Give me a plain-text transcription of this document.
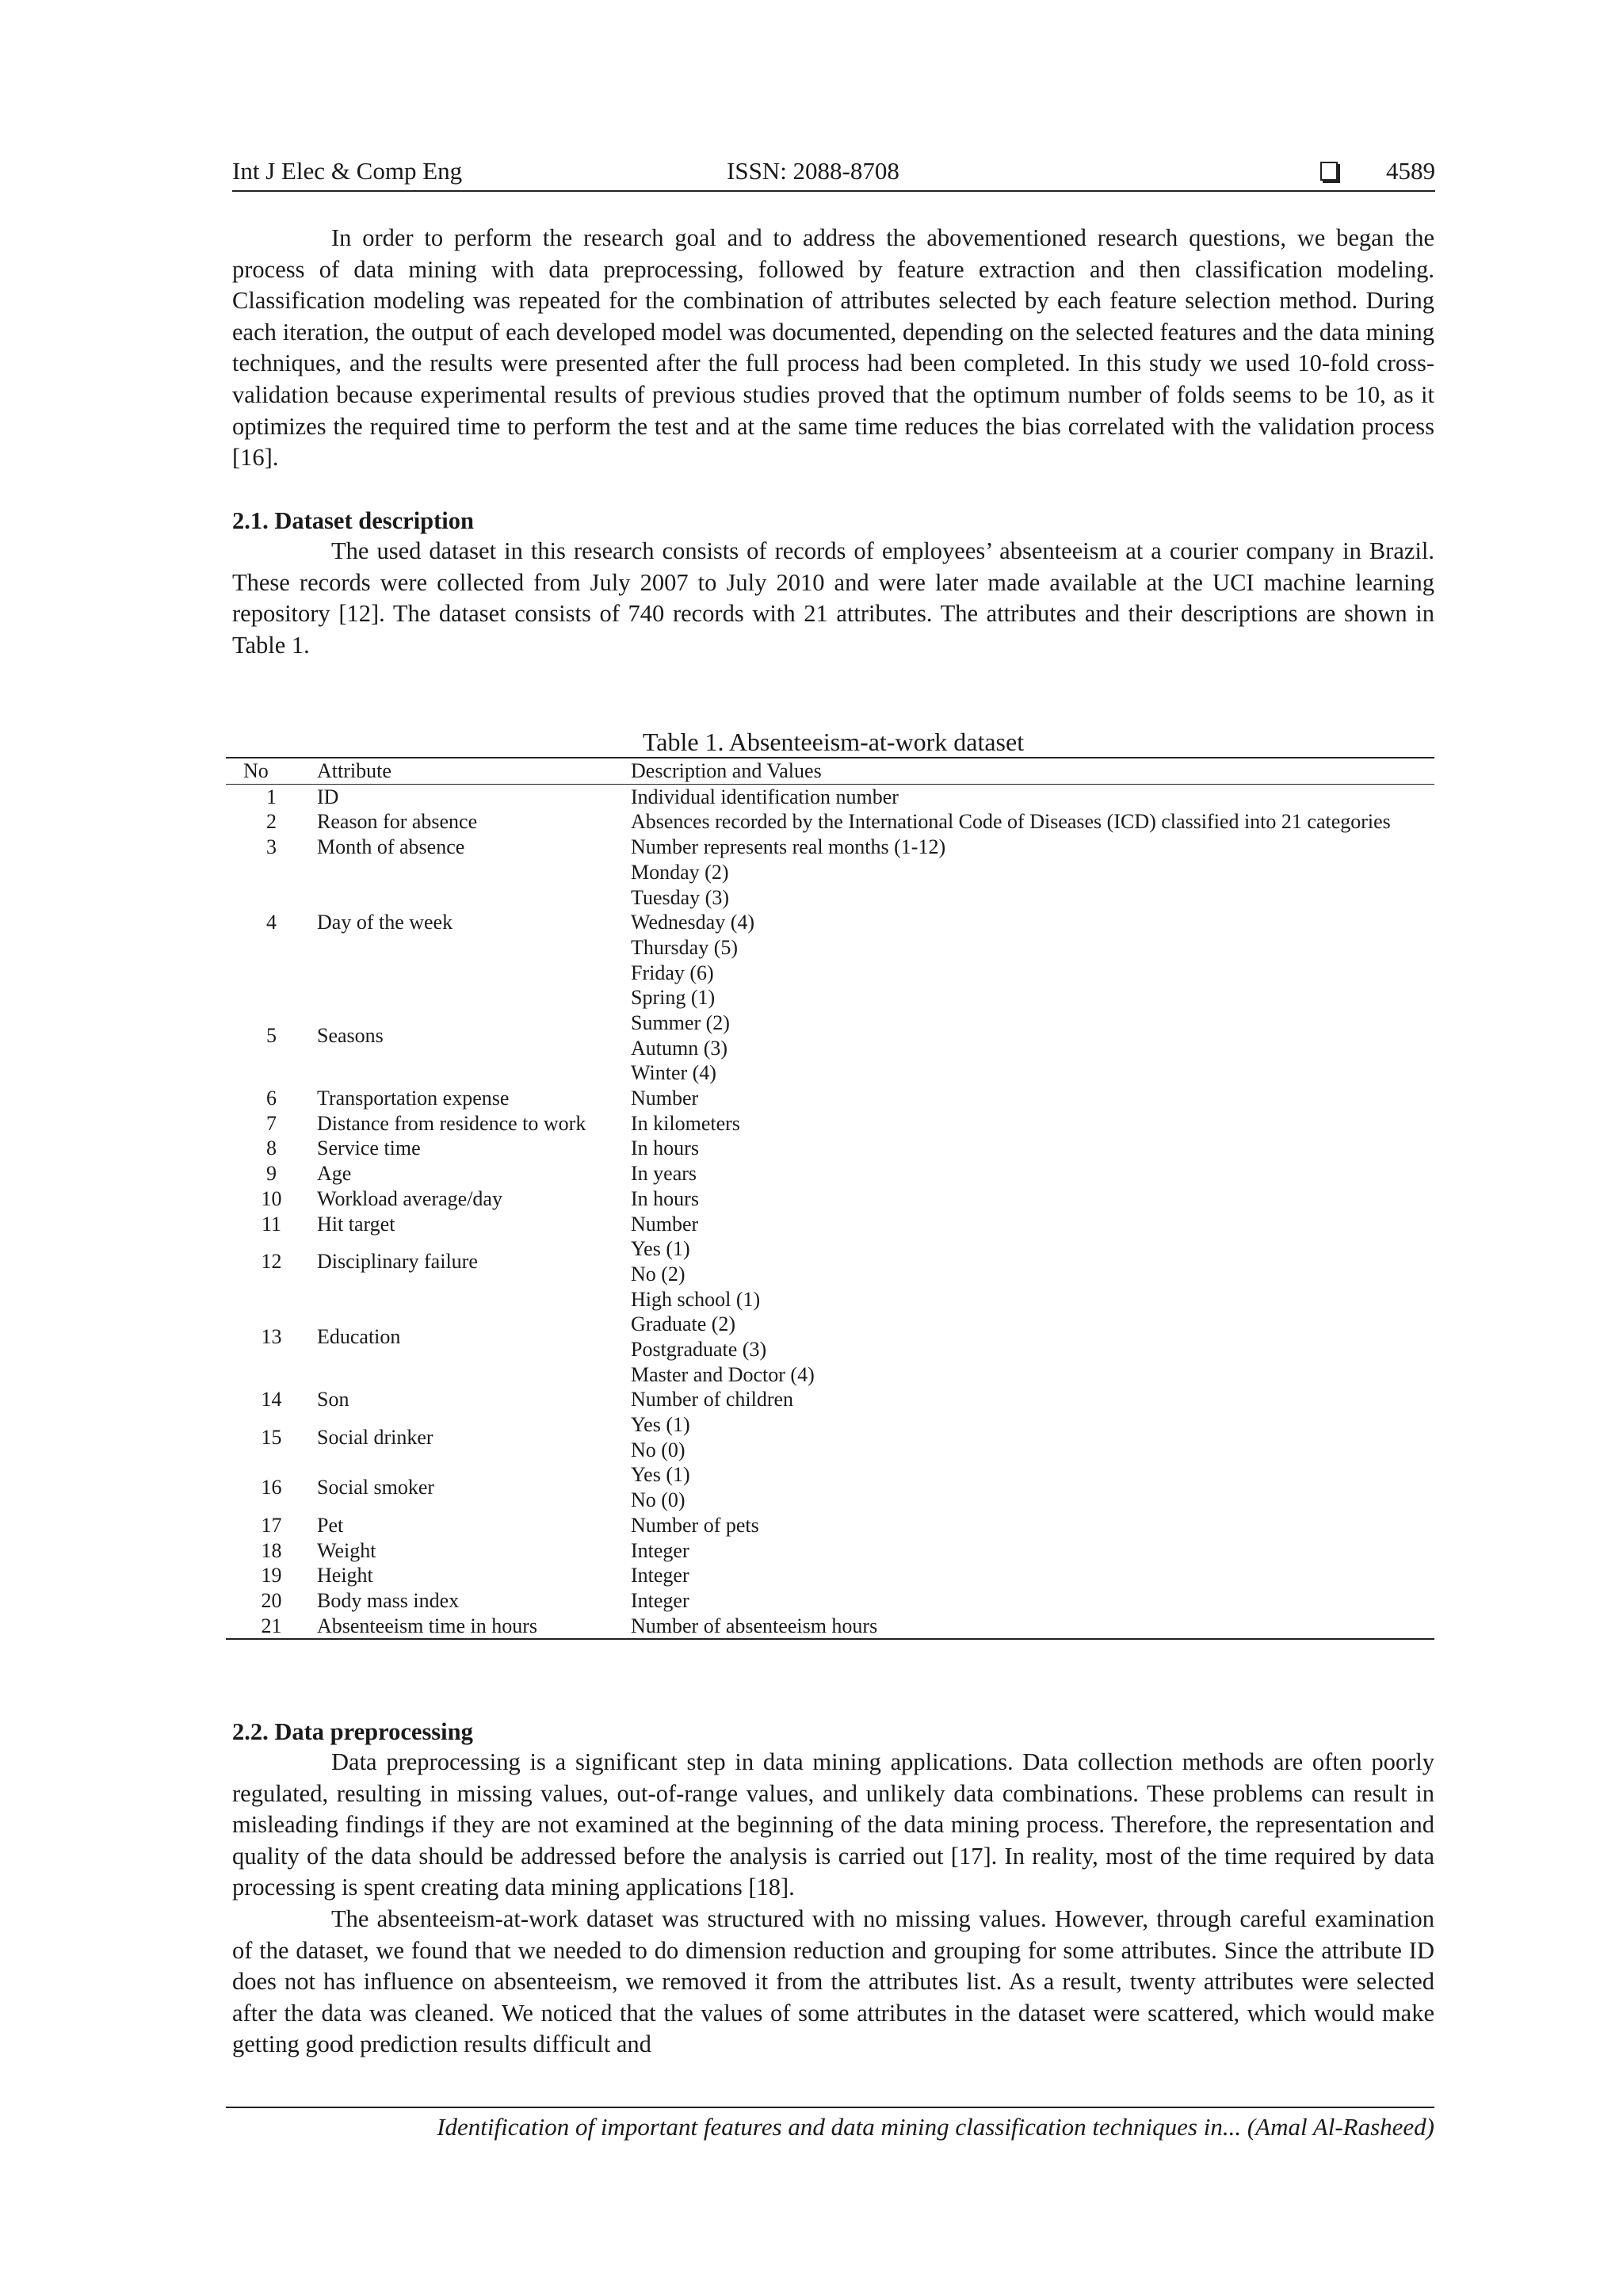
Int J Elec & Comp Eng	ISSN: 2088-8708	4589

In order to perform the research goal and to address the abovementioned research questions, we began the process of data mining with data preprocessing, followed by feature extraction and then classification modeling. Classification modeling was repeated for the combination of attributes selected by each feature selection method. During each iteration, the output of each developed model was documented, depending on the selected features and the data mining techniques, and the results were presented after the full process had been completed. In this study we used 10-fold cross-validation because experimental results of previous studies proved that the optimum number of folds seems to be 10, as it optimizes the required time to perform the test and at the same time reduces the bias correlated with the validation process [16].

2.1. Dataset description

The used dataset in this research consists of records of employees’ absenteeism at a courier company in Brazil. These records were collected from July 2007 to July 2010 and were later made available at the UCI machine learning repository [12]. The dataset consists of 740 records with 21 attributes. The attributes and their descriptions are shown in Table 1.

Table 1. Absenteeism-at-work dataset
No	Attribute	Description and Values
1	ID	Individual identification number

2	Reason for absence	Absences recorded by the International Code of Diseases (ICD) classified into 21 categories

3	Month of absence	Number represents real months (1-12)

4	Day of the week	Monday (2)
Tuesday (3)
Wednesday (4)
Thursday (5)
Friday (6)

5	Seasons	Spring (1)
Summer (2)
Autumn (3)
Winter (4)

6	Transportation expense	Number

7	Distance from residence to work	In kilometers

8	Service time	In hours

9	Age	In years

10	Workload average/day	In hours

11	Hit target	Number

12	Disciplinary failure	Yes (1)
No (2)

13	Education	High school (1)
Graduate (2)
Postgraduate (3)
Master and Doctor (4)

14	Son	Number of children

15	Social drinker	Yes (1)
No (0)

16	Social smoker	Yes (1)
No (0)

17	Pet	Number of pets

18	Weight	Integer

19	Height	Integer

20	Body mass index	Integer

21	Absenteeism time in hours	Number of absenteeism hours
2.2. Data preprocessing

Data preprocessing is a significant step in data mining applications. Data collection methods are often poorly regulated, resulting in missing values, out-of-range values, and unlikely data combinations. These problems can result in misleading findings if they are not examined at the beginning of the data mining process. Therefore, the representation and quality of the data should be addressed before the analysis is carried out [17]. In reality, most of the time required by data processing is spent creating data mining applications [18].

The absenteeism-at-work dataset was structured with no missing values. However, through careful examination of the dataset, we found that we needed to do dimension reduction and grouping for some attributes. Since the attribute ID does not has influence on absenteeism, we removed it from the attributes list. As a result, twenty attributes were selected after the data was cleaned. We noticed that the values of some attributes in the dataset were scattered, which would make getting good prediction results difficult and

Identification of important features and data mining classification techniques in... (Amal Al-Rasheed)
